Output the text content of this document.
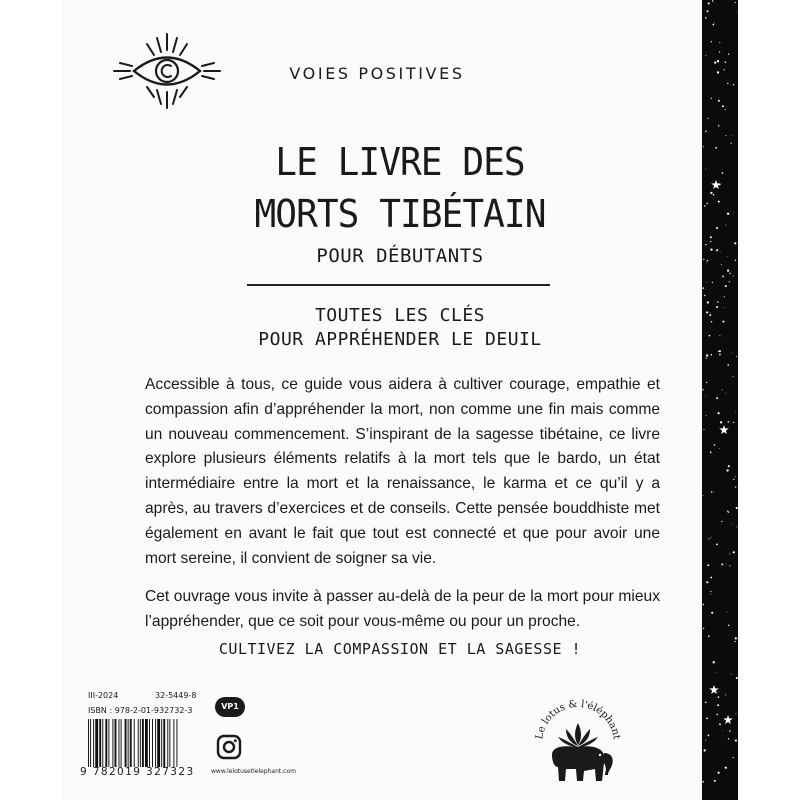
VOIES POSITIVES
LE LIVRE DES
MORTS TIBÉTAIN
POUR DÉBUTANTS
TOUTES LES CLÉS
POUR APPRÉHENDER LE DEUIL

Accessible à tous, ce guide vous aidera à cultiver courage, empathie et compassion afin d’appréhender la mort, non comme une fin mais comme un nouveau commencement. S’inspirant de la sagesse tibétaine, ce livre explore plusieurs éléments relatifs à la mort tels que le bardo, un état intermédiaire entre la mort et la renaissance, le karma et ce qu’il y a après, au travers d’exercices et de conseils. Cette pensée bouddhiste met également en avant le fait que tout est connecté et que pour avoir une mort sereine, il convient de soigner sa vie.

Cet ouvrage vous invite à passer au-delà de la peur de la mort pour mieux l’appréhender, que ce soit pour vous-même ou pour un proche.

CULTIVEZ LA COMPASSION ET LA SAGESSE !
III-2024	32-5449-8
ISBN : 978-2-01-932732-3	VP1
9 782019 327323	www.lelotusetlelephant.com
Le lotus & l'éléphant
